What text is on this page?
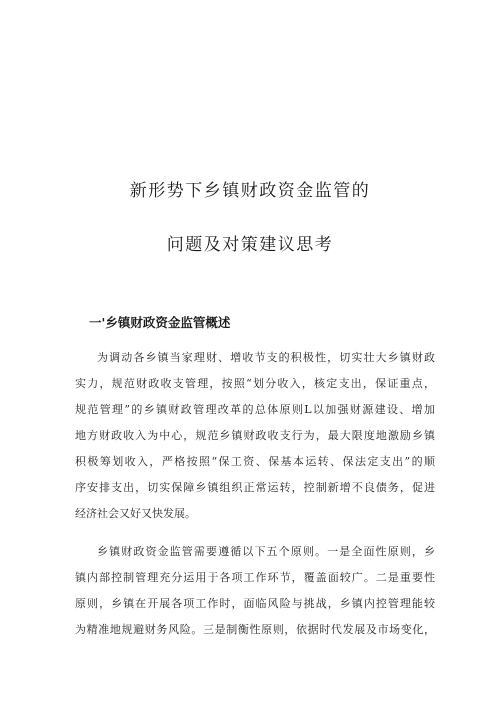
新形势下乡镇财政资金监管的
问题及对策建议思考
一'乡镇财政资金监管概述
为调动各乡镇当家理财、增收节支的积极性，切实壮大乡镇财政
实力，规范财政收支管理，按照“划分收入，核定支出，保证重点，
规范管理”的乡镇财政管理改革的总体原则L以加强财源建设、增加
地方财政收入为中心，规范乡镇财政收支行为，最大限度地激励乡镇
积极筹划收入，严格按照“保工资、保基本运转、保法定支出”的顺
序安排支出，切实保障乡镇组织正常运转，控制新增不良债务，促进
经济社会又好又快发展。
乡镇财政资金监管需要遵循以下五个原则。一是全面性原则，乡
镇内部控制管理充分运用于各项工作环节，覆盖面较广。二是重要性
原则，乡镇在开展各项工作时，面临风险与挑战，乡镇内控管理能较
为精准地规避财务风险。三是制衡性原则，依据时代发展及市场变化，
